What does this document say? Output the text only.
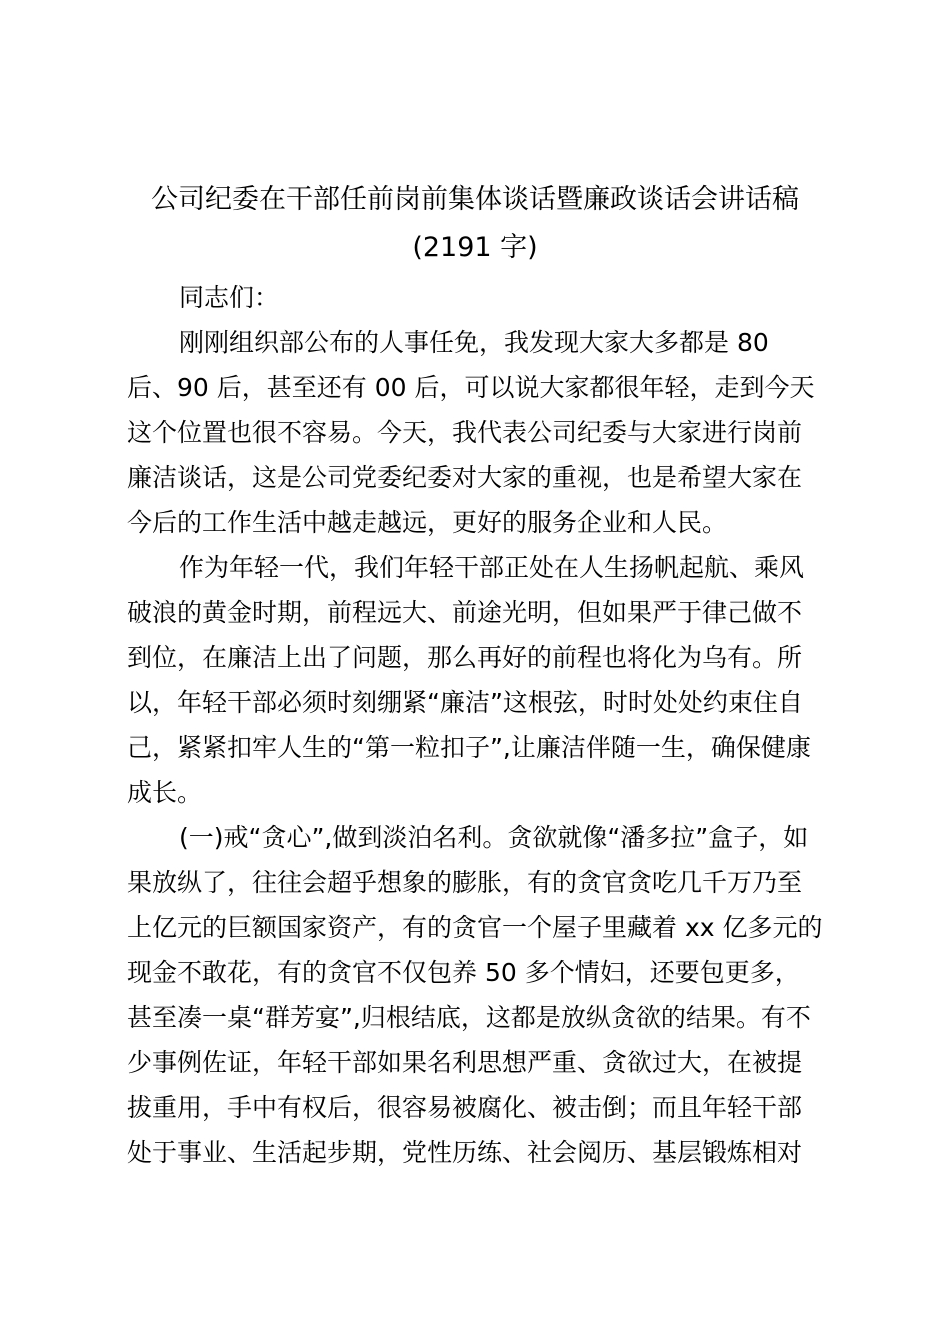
公司纪委在干部任前岗前集体谈话暨廉政谈话会讲话稿
(2191 字)
同志们：
刚刚组织部公布的人事任免，我发现大家大多都是 80
后、90 后，甚至还有 00 后，可以说大家都很年轻，走到今天
这个位置也很不容易。今天，我代表公司纪委与大家进行岗前
廉洁谈话，这是公司党委纪委对大家的重视，也是希望大家在
今后的工作生活中越走越远，更好的服务企业和人民。
作为年轻一代，我们年轻干部正处在人生扬帆起航、乘风
破浪的黄金时期，前程远大、前途光明，但如果严于律己做不
到位，在廉洁上出了问题，那么再好的前程也将化为乌有。所
以，年轻干部必须时刻绷紧“廉洁”这根弦，时时处处约束住自
己，紧紧扣牢人生的“第一粒扣子”,让廉洁伴随一生，确保健康
成长。
(一)戒“贪心”,做到淡泊名利。贪欲就像“潘多拉”盒子，如
果放纵了，往往会超乎想象的膨胀，有的贪官贪吃几千万乃至
上亿元的巨额国家资产，有的贪官一个屋子里藏着 xx 亿多元的
现金不敢花，有的贪官不仅包养 50 多个情妇，还要包更多，
甚至凑一桌“群芳宴”,归根结底，这都是放纵贪欲的结果。有不
少事例佐证，年轻干部如果名利思想严重、贪欲过大，在被提
拔重用，手中有权后，很容易被腐化、被击倒；而且年轻干部
处于事业、生活起步期，党性历练、社会阅历、基层锻炼相对
